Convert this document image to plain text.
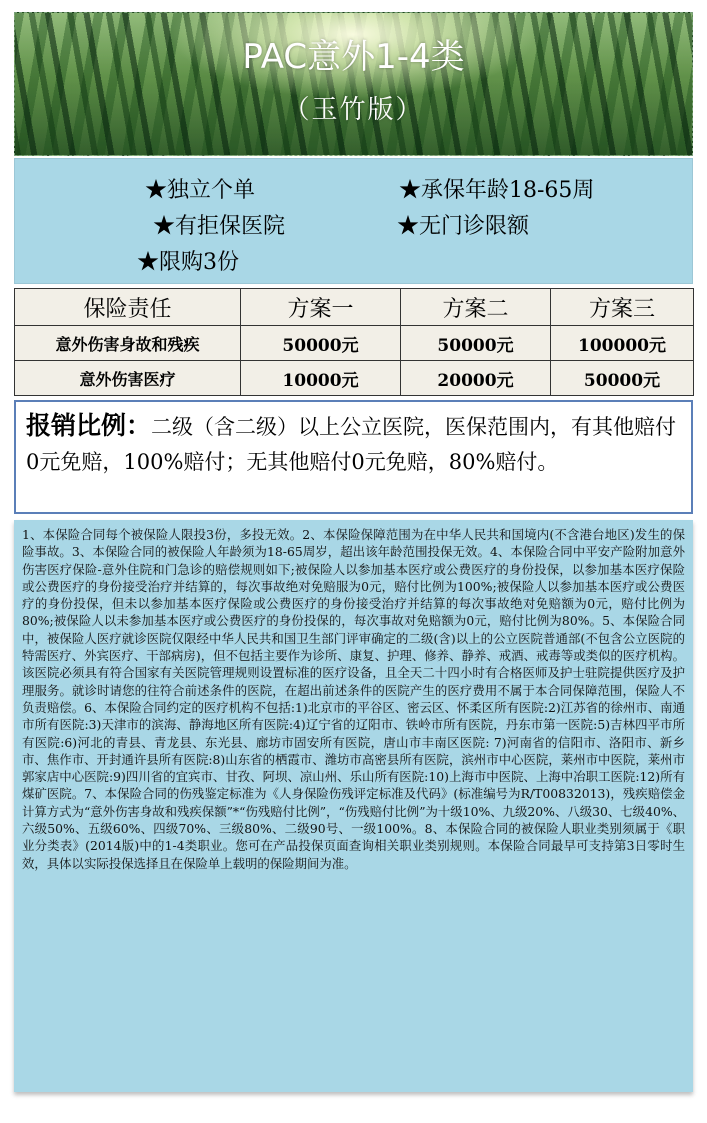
PAC意外1-4类
（玉竹版）
★独立个单	★承保年龄18-65周
★有拒保医院	★无门诊限额
★限购3份
保险责任	方案一	方案二	方案三
意外伤害身故和残疾	50000元	50000元	100000元
意外伤害医疗	10000元	20000元	50000元
报销比例：二级（含二级）以上公立医院，医保范围内，有其他赔付0元免赔，100%赔付；无其他赔付0元免赔，80%赔付。
1、本保险合同每个被保险人限投3份，多投无效。2、本保险保障范围为在中华人民共和国境内(不含港台地区)发生的保险事故。3、本保险合同的被保险人年龄须为18-65周岁，超出该年龄范围投保无效。4、本保险合同中平安产险附加意外伤害医疗保险-意外住院和门急诊的赔偿规则如下;被保险人以参加基本医疗或公费医疗的身份投保，以参加基本医疗保险或公费医疗的身份接受治疗并结算的，每次事故绝对免赔服为0元，赔付比例为100%;被保险人以参加基本医疗或公费医疗的身份投保，但未以参加基本医疗保险或公费医疗的身份接受治疗并结算的每次事故绝对免赔额为0元，赔付比例为80%;被保险人以未参加基本医疗或公费医疗的身份投保的，每次事故对免赔额为0元，赔付比例为80%。5、本保险合同中，被保险人医疗就诊医院仅限经中华人民共和国卫生部门评审确定的二级(含)以上的公立医院普通部(不包含公立医院的特需医疗、外宾医疗、干部病房)，但不包括主要作为诊所、康复、护理、修养、静养、戒酒、戒毒等或类似的医疗机构。该医院必须具有符合国家有关医院管理规则设置标准的医疗设备，且全天二十四小时有合格医师及护士驻院提供医疗及护理服务。就诊时请您的往符合前述条件的医院，在超出前述条件的医院产生的医疗费用不属于本合同保障范围，保险人不负责赔偿。6、本保险合同约定的医疗机构不包括:1)北京市的平谷区、密云区、怀柔区所有医院:2)江苏省的徐州市、南通市所有医院:3)天津市的滨海、静海地区所有医院:4)辽宁省的辽阳市、铁岭市所有医院，丹东市第一医院:5)吉林四平市所有医院:6)河北的青县、青龙县、东光县、廊坊市固安所有医院，唐山市丰南区医院: 7)河南省的信阳市、洛阳市、新乡市、焦作市、开封通许县所有医院:8)山东省的栖霞市、潍坊市高密县所有医院，滨州市中心医院，莱州市中医院，莱州市郭家店中心医院:9)四川省的宜宾市、甘孜、阿坝、凉山州、乐山所有医院:10)上海市中医院、上海中冶职工医院:12)所有煤矿医院。7、本保险合同的伤残鉴定标准为《人身保险伤残评定标准及代码》(标准编号为R/T00832013)，残疾赔偿金计算方式为“意外伤害身故和残疾保额”*“伤残赔付比例”，“伤残赔付比例”为十级10%、九级20%、八级30、七级40%、六级50%、五级60%、四级70%、三级80%、二级90号、一级100%。8、本保险合同的被保险人职业类别须属于《职业分类表》(2014版)中的1-4类职业。您可在产品投保页面查询相关职业类别规则。本保险合同最早可支持第3日零时生效，具体以实际投保选择且在保险单上载明的保险期间为准。
